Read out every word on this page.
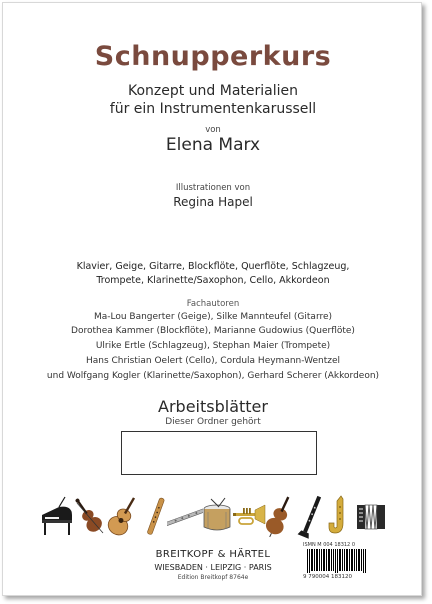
Schnupperkurs
Konzept und Materialien
für ein Instrumentenkarussell
von
Elena Marx
Illustrationen von
Regina Hapel
Klavier, Geige, Gitarre, Blockflöte, Querflöte, Schlagzeug,
Trompete, Klarinette/Saxophon, Cello, Akkordeon
Fachautoren
Ma-Lou Bangerter (Geige), Silke Mannteufel (Gitarre)
Dorothea Kammer (Blockflöte), Marianne Gudowius (Querflöte)
Ulrike Ertle (Schlagzeug), Stephan Maier (Trompete)
Hans Christian Oelert (Cello), Cordula Heymann-Wentzel
und Wolfgang Kogler (Klarinette/Saxophon), Gerhard Scherer (Akkordeon)
Arbeitsblätter
Dieser Ordner gehört
BREITKOPF & HÄRTEL
WIESBADEN · LEIPZIG · PARIS
Edition Breitkopf 8764e
ISMN M 004 18312 0
9 790004 183120
